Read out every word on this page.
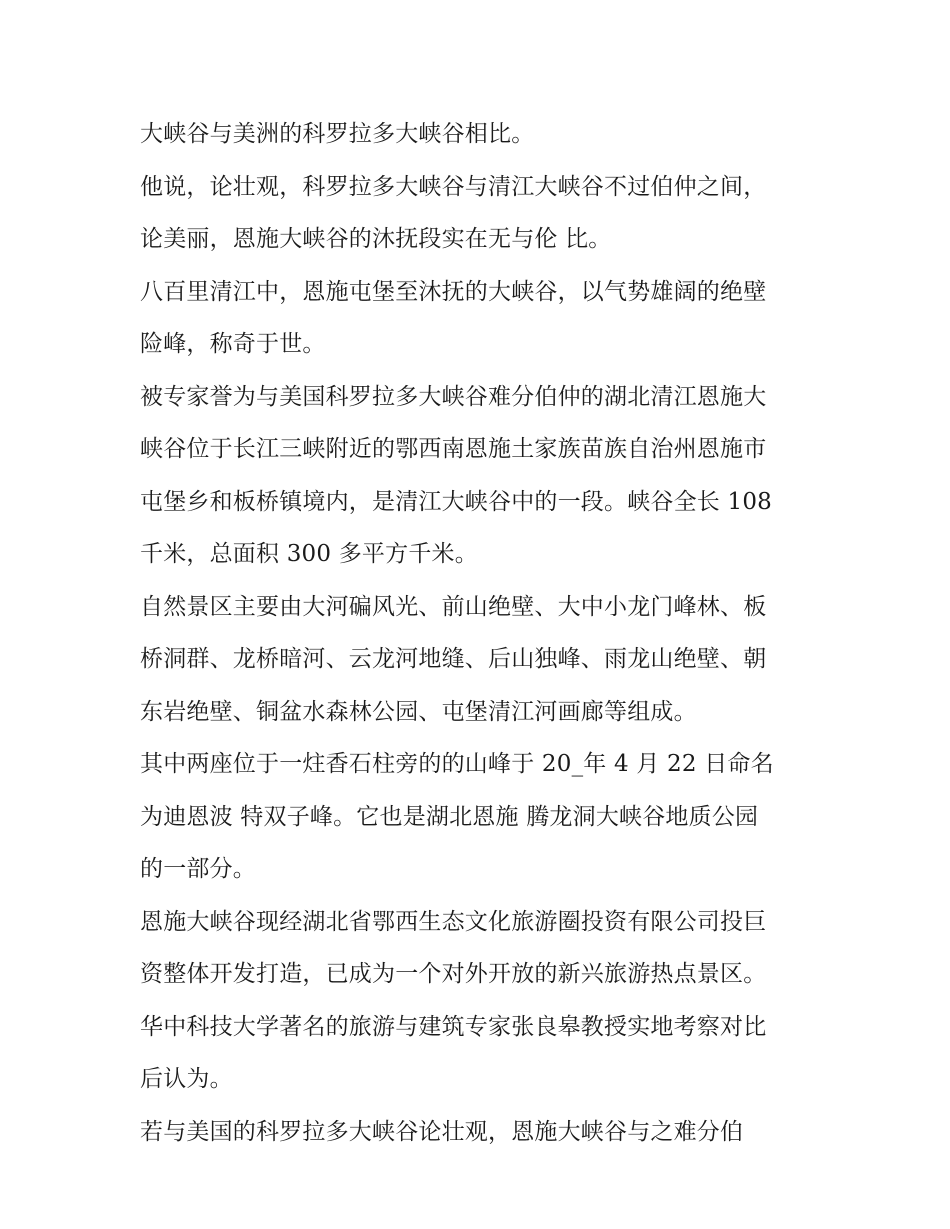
大峡谷与美洲的科罗拉多大峡谷相比。
他说，论壮观，科罗拉多大峡谷与清江大峡谷不过伯仲之间，
论美丽，恩施大峡谷的沐抚段实在无与伦 比。
八百里清江中，恩施屯堡至沐抚的大峡谷，以气势雄阔的绝壁
险峰，称奇于世。
被专家誉为与美国科罗拉多大峡谷难分伯仲的湖北清江恩施大
峡谷位于长江三峡附近的鄂西南恩施土家族苗族自治州恩施市
屯堡乡和板桥镇境内，是清江大峡谷中的一段。峡谷全长 108
千米，总面积 300 多平方千米。
自然景区主要由大河碥风光、前山绝壁、大中小龙门峰林、板
桥洞群、龙桥暗河、云龙河地缝、后山独峰、雨龙山绝壁、朝
东岩绝壁、铜盆水森林公园、屯堡清江河画廊等组成。
其中两座位于一炷香石柱旁的的山峰于 20_年 4 月 22 日命名
为迪恩波 特双子峰。它也是湖北恩施 腾龙洞大峡谷地质公园
的一部分。
恩施大峡谷现经湖北省鄂西生态文化旅游圈投资有限公司投巨
资整体开发打造，已成为一个对外开放的新兴旅游热点景区。
华中科技大学著名的旅游与建筑专家张良皋教授实地考察对比
后认为。
若与美国的科罗拉多大峡谷论壮观，恩施大峡谷与之难分伯
